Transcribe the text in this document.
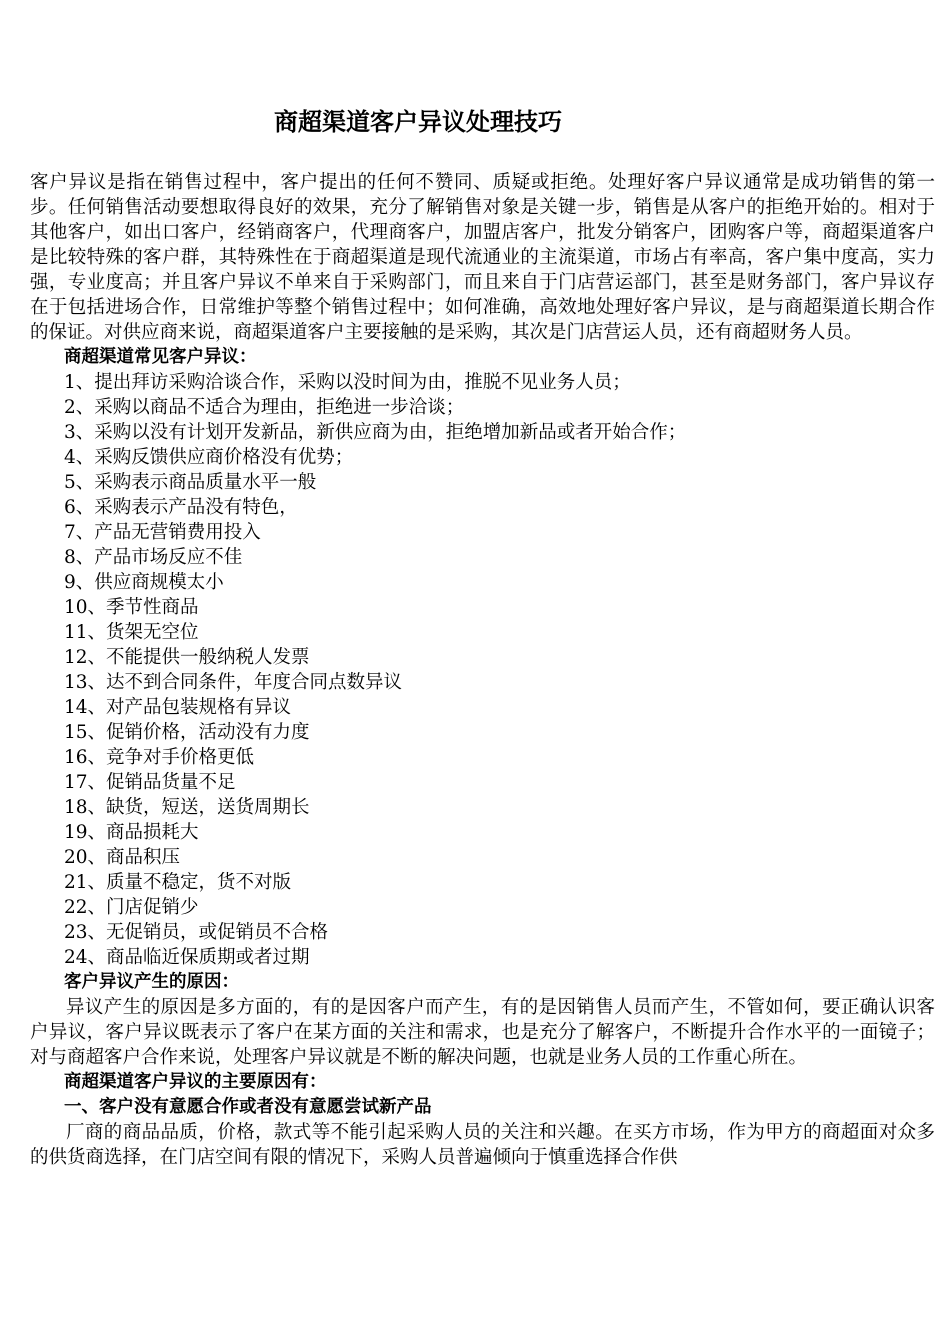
商超渠道客户异议处理技巧

客户异议是指在销售过程中，客户提出的任何不赞同、质疑或拒绝。处理好客户异议通常是成功销售的第一步。任何销售活动要想取得良好的效果，充分了解销售对象是关键一步，销售是从客户的拒绝开始的。相对于其他客户，如出口客户，经销商客户，代理商客户，加盟店客户，批发分销客户，团购客户等，商超渠道客户是比较特殊的客户群，其特殊性在于商超渠道是现代流通业的主流渠道，市场占有率高，客户集中度高，实力强，专业度高；并且客户异议不单来自于采购部门，而且来自于门店营运部门，甚至是财务部门，客户异议存在于包括进场合作，日常维护等整个销售过程中；如何准确，高效地处理好客户异议，是与商超渠道长期合作的保证。对供应商来说，商超渠道客户主要接触的是采购，其次是门店营运人员，还有商超财务人员。

商超渠道常见客户异议：
1、提出拜访采购洽谈合作，采购以没时间为由，推脱不见业务人员；
2、采购以商品不适合为理由，拒绝进一步洽谈；
3、采购以没有计划开发新品，新供应商为由，拒绝增加新品或者开始合作；
4、采购反馈供应商价格没有优势；
5、采购表示商品质量水平一般
6、采购表示产品没有特色，
7、产品无营销费用投入
8、产品市场反应不佳
9、供应商规模太小
10、季节性商品
11、货架无空位
12、不能提供一般纳税人发票
13、达不到合同条件，年度合同点数异议
14、对产品包装规格有异议
15、促销价格，活动没有力度
16、竞争对手价格更低
17、促销品货量不足
18、缺货，短送，送货周期长
19、商品损耗大
20、商品积压
21、质量不稳定，货不对版
22、门店促销少
23、无促销员，或促销员不合格
24、商品临近保质期或者过期
客户异议产生的原因：

异议产生的原因是多方面的，有的是因客户而产生，有的是因销售人员而产生，不管如何，要正确认识客户异议，客户异议既表示了客户在某方面的关注和需求，也是充分了解客户，不断提升合作水平的一面镜子；对与商超客户合作来说，处理客户异议就是不断的解决问题，也就是业务人员的工作重心所在。

商超渠道客户异议的主要原因有：
一、客户没有意愿合作或者没有意愿尝试新产品

厂商的商品品质，价格，款式等不能引起采购人员的关注和兴趣。在买方市场，作为甲方的商超面对众多的供货商选择，在门店空间有限的情况下，采购人员普遍倾向于慎重选择合作供
